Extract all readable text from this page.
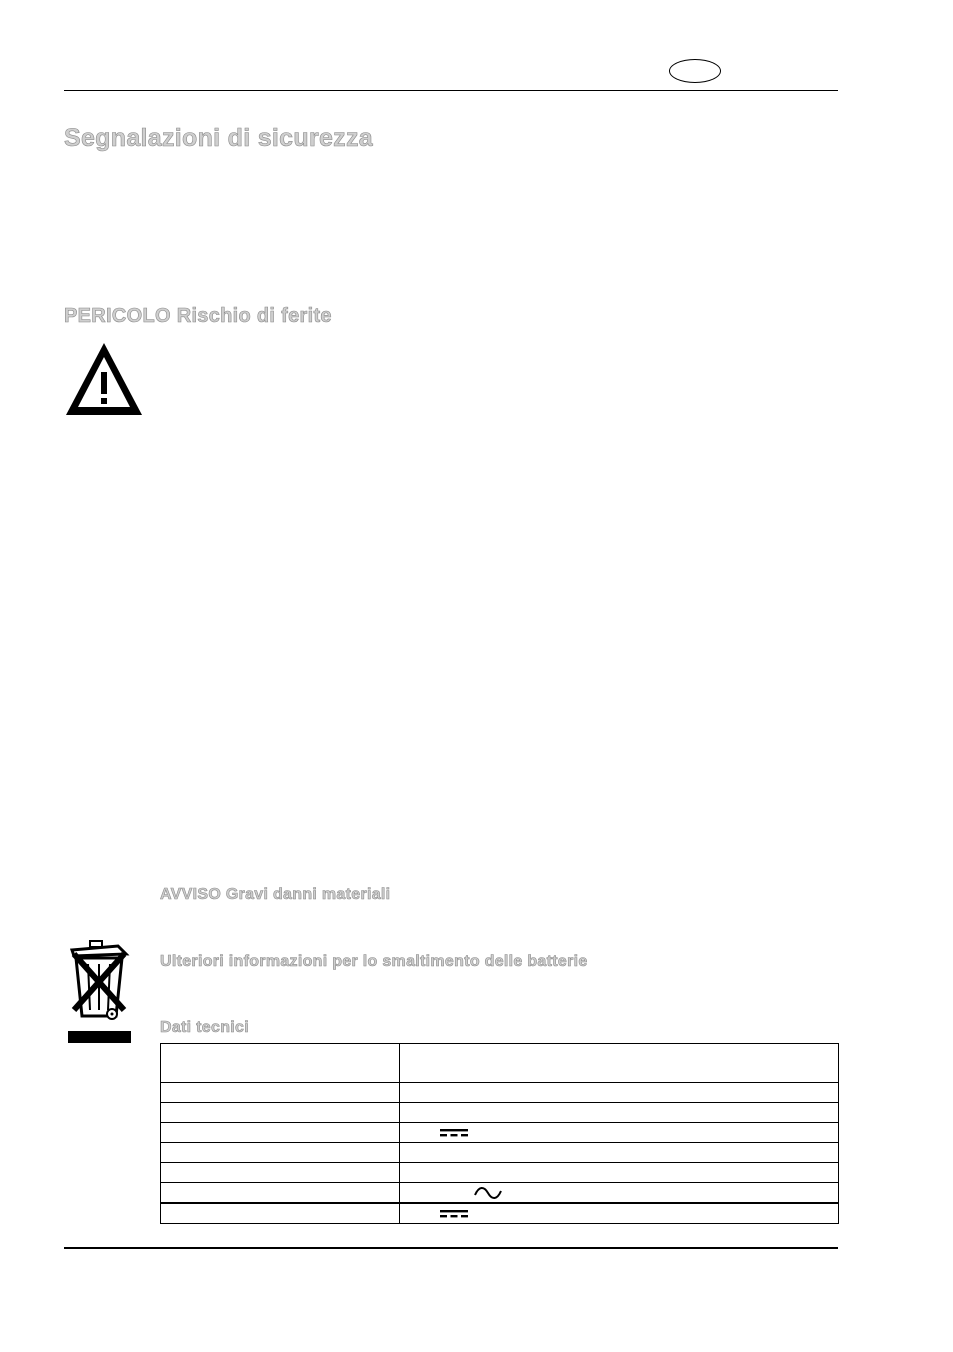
Segnalazioni di sicurezza
PERICOLO Rischio di ferite
AVVISO Gravi danni materiali
Ulteriori informazioni per lo smaltimento delle batterie
Dati tecnici
